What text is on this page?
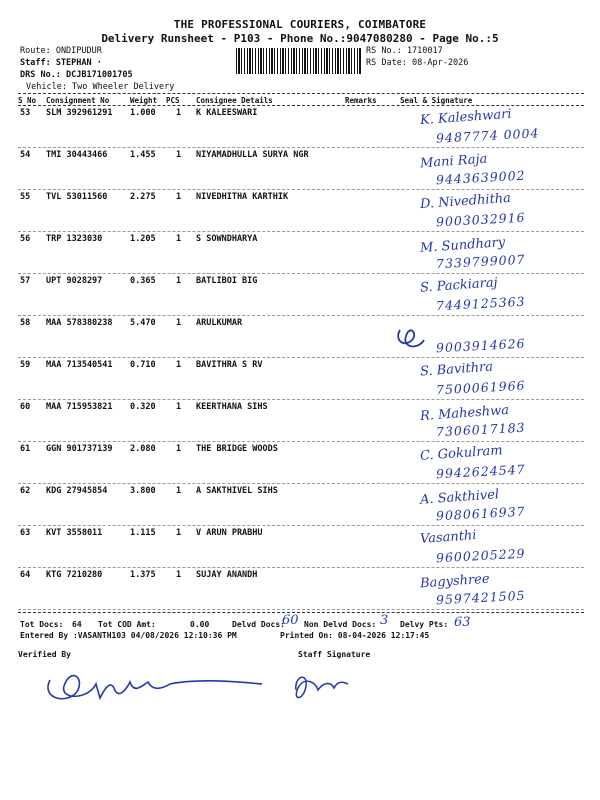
THE PROFESSIONAL COURIERS, COIMBATORE
Delivery Runsheet - P103 - Phone No.:9047080280 - Page No.:5
Route: ONDIPUDUR
Staff: STEPHAN ·
DRS No.: DCJB171001705
Vehicle: Two Wheeler Delivery
RS No.: 1710017
RS Date: 08-Apr-2026
S No Consignment No	Weight PCS Consignee Details	Remarks	Seal & Signature
53 SLM 392961291 1.000 1 K KALEESWARI	K. Kaleshwari
9487774 0004
54 TMI 30443466	1.455 1 NIYAMADHULLA SURYA NGR	Mani Raja
9443639002
55 TVL 53011560	2.275 1 NIVEDHITHA KARTHIK	D. Nivedhitha
9003032916
56 TRP 1323030	1.205 1 S SOWNDHARYA	M. Sundhary
7339799007
57 UPT 9028297	0.365 1 BATLIBOI BIG	S. Packiaraj
7449125363
58 MAA 578380238 5.470 1 ARULKUMAR
9003914626
59 MAA 713540541 0.710 1 BAVITHRA S RV	S. Bavithra
7500061966
60 MAA 715953821 0.320 1 KEERTHANA SIHS	R. Maheshwa
7306017183
61 GGN 901737139 2.080 1 THE BRIDGE WOODS	C. Gokulram
9942624547
62 KDG 27945854	3.800 1 A SAKTHIVEL SIHS	A. Sakthivel
9080616937
63 KVT 3558011	1.115 1 V ARUN PRABHU	Vasanthi
9600205229
64 KTG 7210280	1.375 1 SUJAY ANANDH	Bagyshree
9597421505
Tot Docs: 64 Tot COD Amt:	0.00	Delvd Docs:
60 Non Delvd Docs: 3 Delvy Pts: 63
Entered By :VASANTH103 04/08/2026 12:10:36 PM	Printed On: 08-04-2026 12:17:45
Verified By	Staff Signature
